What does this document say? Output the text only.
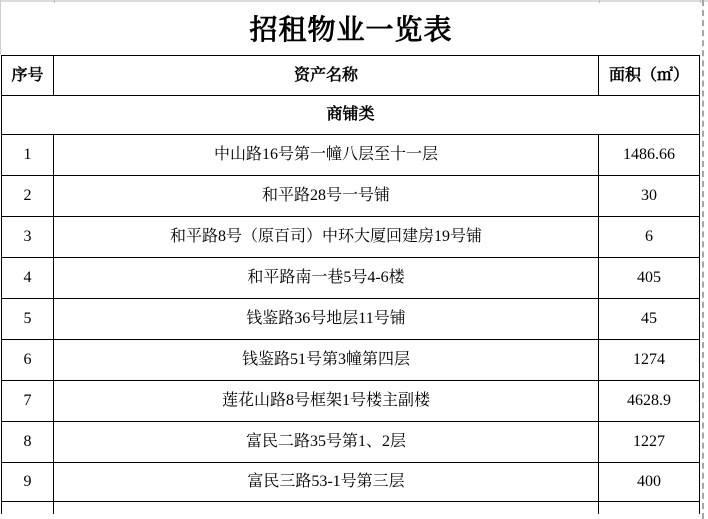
招租物业一览表
序号	资产名称	面积（㎡）
商铺类		
1	中山路16号第一幢八层至十一层	1486.66
2	和平路28号一号铺	30
3	和平路8号（原百司）中环大厦回建房19号铺	6
4	和平路南一巷5号4-6楼	405
5	钱鉴路36号地层11号铺	45
6	钱鉴路51号第3幢第四层	1274
7	莲花山路8号框架1号楼主副楼	4628.9
8	富民二路35号第1、2层	1227
9	富民三路53-1号第三层	400
